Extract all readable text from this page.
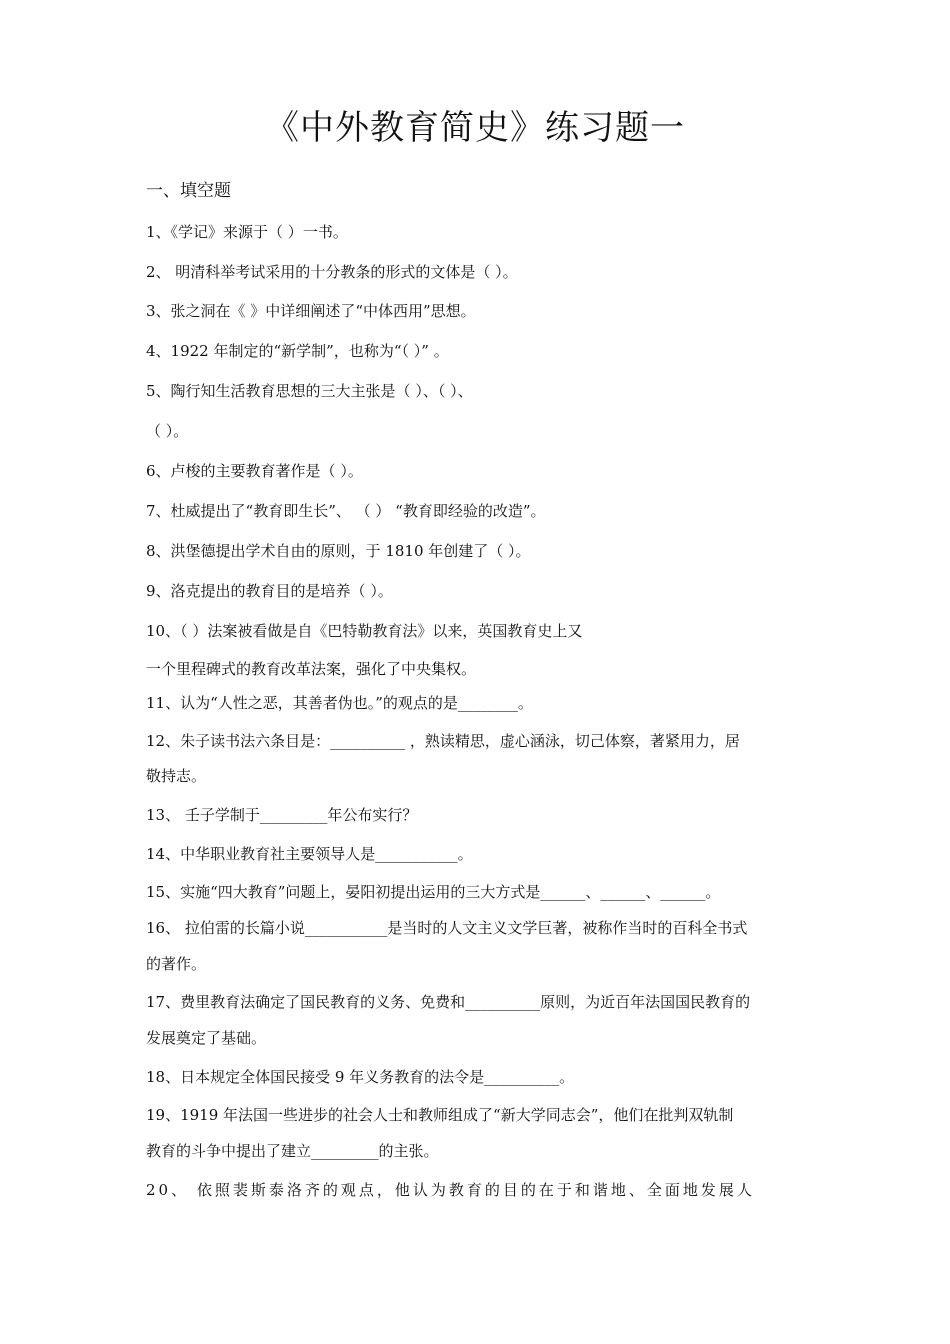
《中外教育简史》练习题一
一、填空题
1、《学记》来源于（ ）一书。
2、 明清科举考试采用的十分教条的形式的文体是（ ）。
3、张之洞在《 》中详细阐述了“中体西用”思想。
4、1922 年制定的“新学制”，也称为“（ ）” 。
5、陶行知生活教育思想的三大主张是（ ）、（ ）、
（ ）。
6、卢梭的主要教育著作是（ ）。
7、杜威提出了“教育即生长”、 （ ） “教育即经验的改造”。
8、洪堡德提出学术自由的原则，于 1810 年创建了（ ）。
9、洛克提出的教育目的是培养（ ）。
10、（ ）法案被看做是自《巴特勒教育法》以来，英国教育史上又
一个里程碑式的教育改革法案，强化了中央集权。
11、认为“人性之恶，其善者伪也。”的观点的是________。
12、朱子读书法六条目是：__________ ，熟读精思，虚心涵泳，切己体察，著紧用力，居
敬持志。
13、 壬子学制于_________年公布实行？
14、中华职业教育社主要领导人是___________。
15、实施“四大教育”问题上，晏阳初提出运用的三大方式是______、______、______。
16、 拉伯雷的长篇小说___________是当时的人文主义文学巨著，被称作当时的百科全书式
的著作。
17、费里教育法确定了国民教育的义务、免费和__________原则，为近百年法国国民教育的
发展奠定了基础。
18、日本规定全体国民接受 9 年义务教育的法令是__________。
19、1919 年法国一些进步的社会人士和教师组成了“新大学同志会”，他们在批判双轨制
教育的斗争中提出了建立_________的主张。
20、 依照裴斯泰洛齐的观点，他认为教育的目的在于和谐地、全面地发展人
